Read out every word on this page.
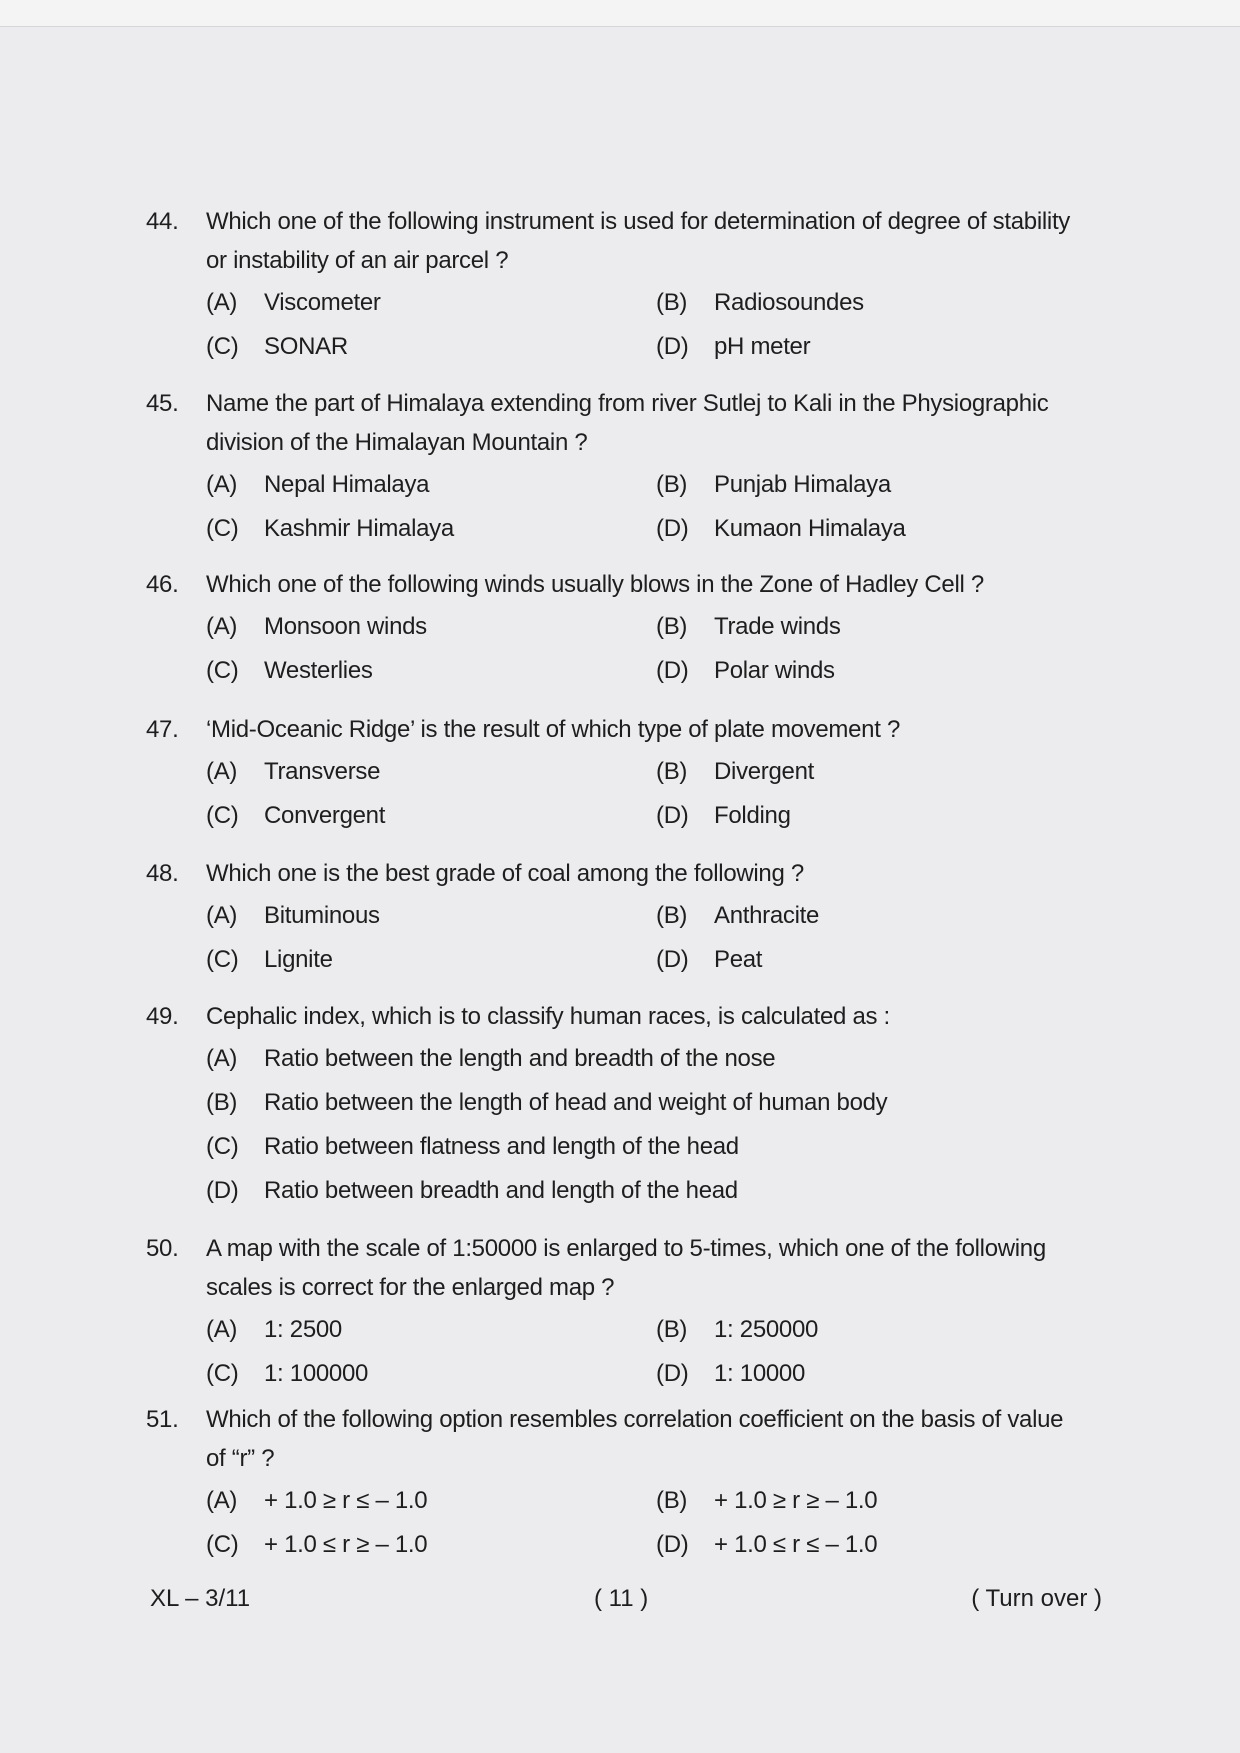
44.	Which one of the following instrument is used for determination of degree of stability
or instability of an air parcel ?
(A)	Viscometer	(B)	Radiosoundes
(C)	SONAR	(D)	pH meter
45.	Name the part of Himalaya extending from river Sutlej to Kali in the Physiographic
division of the Himalayan Mountain ?
(A)	Nepal Himalaya	(B)	Punjab Himalaya
(C)	Kashmir Himalaya	(D)	Kumaon Himalaya
46.	Which one of the following winds usually blows in the Zone of Hadley Cell ?
(A)	Monsoon winds	(B)	Trade winds
(C)	Westerlies	(D)	Polar winds
47.	‘Mid-Oceanic Ridge’ is the result of which type of plate movement ?
(A)	Transverse	(B)	Divergent
(C)	Convergent	(D)	Folding
48.	Which one is the best grade of coal among the following ?
(A)	Bituminous	(B)	Anthracite
(C)	Lignite	(D)	Peat
49.	Cephalic index, which is to classify human races, is calculated as :
(A)	Ratio between the length and breadth of the nose
(B)	Ratio between the length of head and weight of human body
(C)	Ratio between flatness and length of the head
(D)	Ratio between breadth and length of the head
50.	A map with the scale of 1:50000 is enlarged to 5-times, which one of the following
scales is correct for the enlarged map ?
(A)	1: 2500	(B)	1: 250000
(C)	1: 100000	(D)	1: 10000
51.	Which of the following option resembles correlation coefficient on the basis of value
of “r” ?
(A)	+ 1.0 ≥ r ≤ – 1.0	(B)	+ 1.0 ≥ r ≥ – 1.0
(C)	+ 1.0 ≤ r ≥ – 1.0	(D)	+ 1.0 ≤ r ≤ – 1.0
XL – 3/11	( 11 )	( Turn over )
